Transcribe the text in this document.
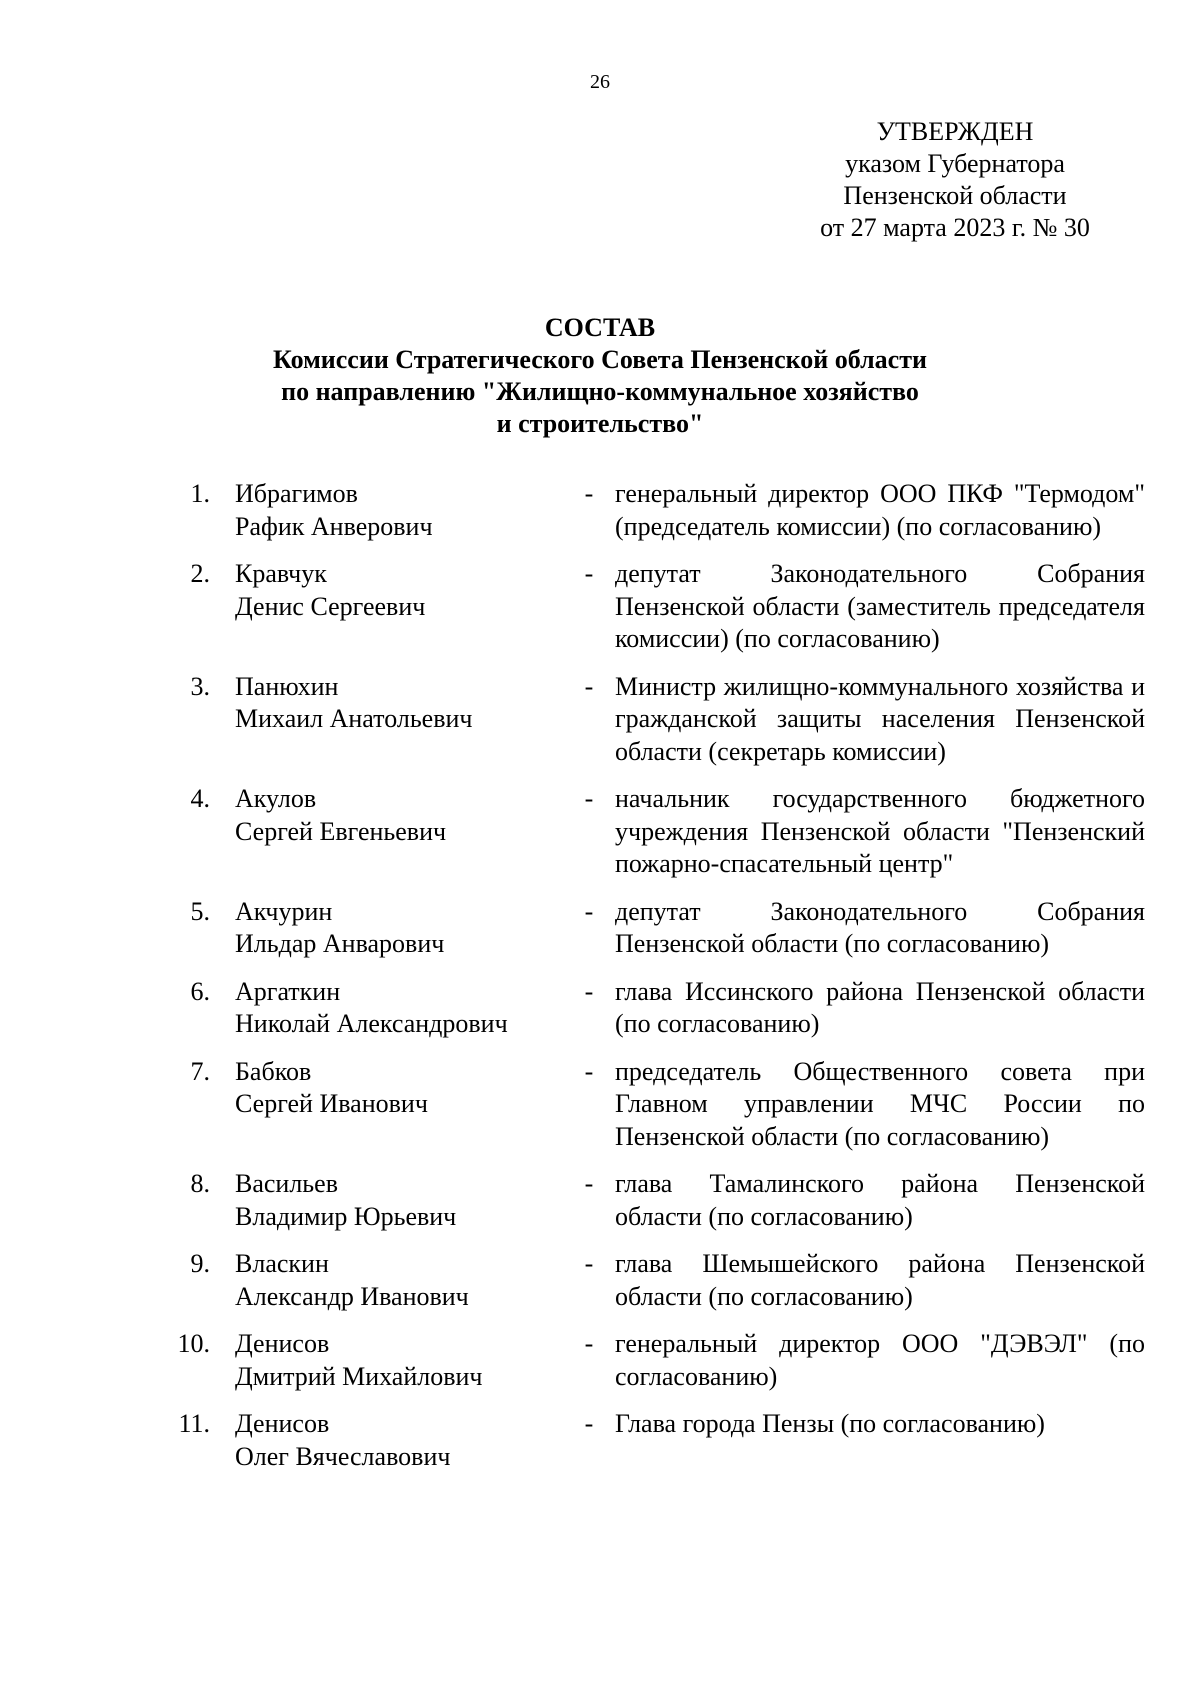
26
УТВЕРЖДЕН
указом Губернатора
Пензенской области
от 27 марта 2023 г. № 30
СОСТАВ
Комиссии Стратегического Совета Пензенской области
по направлению "Жилищно-коммунальное хозяйство
и строительство"
1. Ибрагимов
Рафик Анверович
- генеральный директор ООО ПКФ "Термодом" (председатель комиссии) (по согласованию)
2. Кравчук
Денис Сергеевич
- депутат Законодательного Собрания Пензенской области (заместитель председателя комиссии) (по согласованию)
3. Панюхин
Михаил Анатольевич
- Министр жилищно-коммунального хозяйства и гражданской защиты населения Пензенской области (секретарь комиссии)
4. Акулов
Сергей Евгеньевич
- начальник государственного бюджетного учреждения Пензенской области "Пензенский пожарно-спасательный центр"
5. Акчурин
Ильдар Анварович
- депутат Законодательного Собрания Пензенской области (по согласованию)
6. Аргаткин
Николай Александрович
- глава Иссинского района Пензенской области (по согласованию)
7. Бабков
Сергей Иванович
- председатель Общественного совета при Главном управлении МЧС России по Пензенской области (по согласованию)
8. Васильев
Владимир Юрьевич
- глава Тамалинского района Пензенской области (по согласованию)
9. Власкин
Александр Иванович
- глава Шемышейского района Пензенской области (по согласованию)
10. Денисов
Дмитрий Михайлович
- генеральный директор ООО "ДЭВЭЛ" (по согласованию)
11. Денисов
Олег Вячеславович
- Глава города Пензы (по согласованию)
